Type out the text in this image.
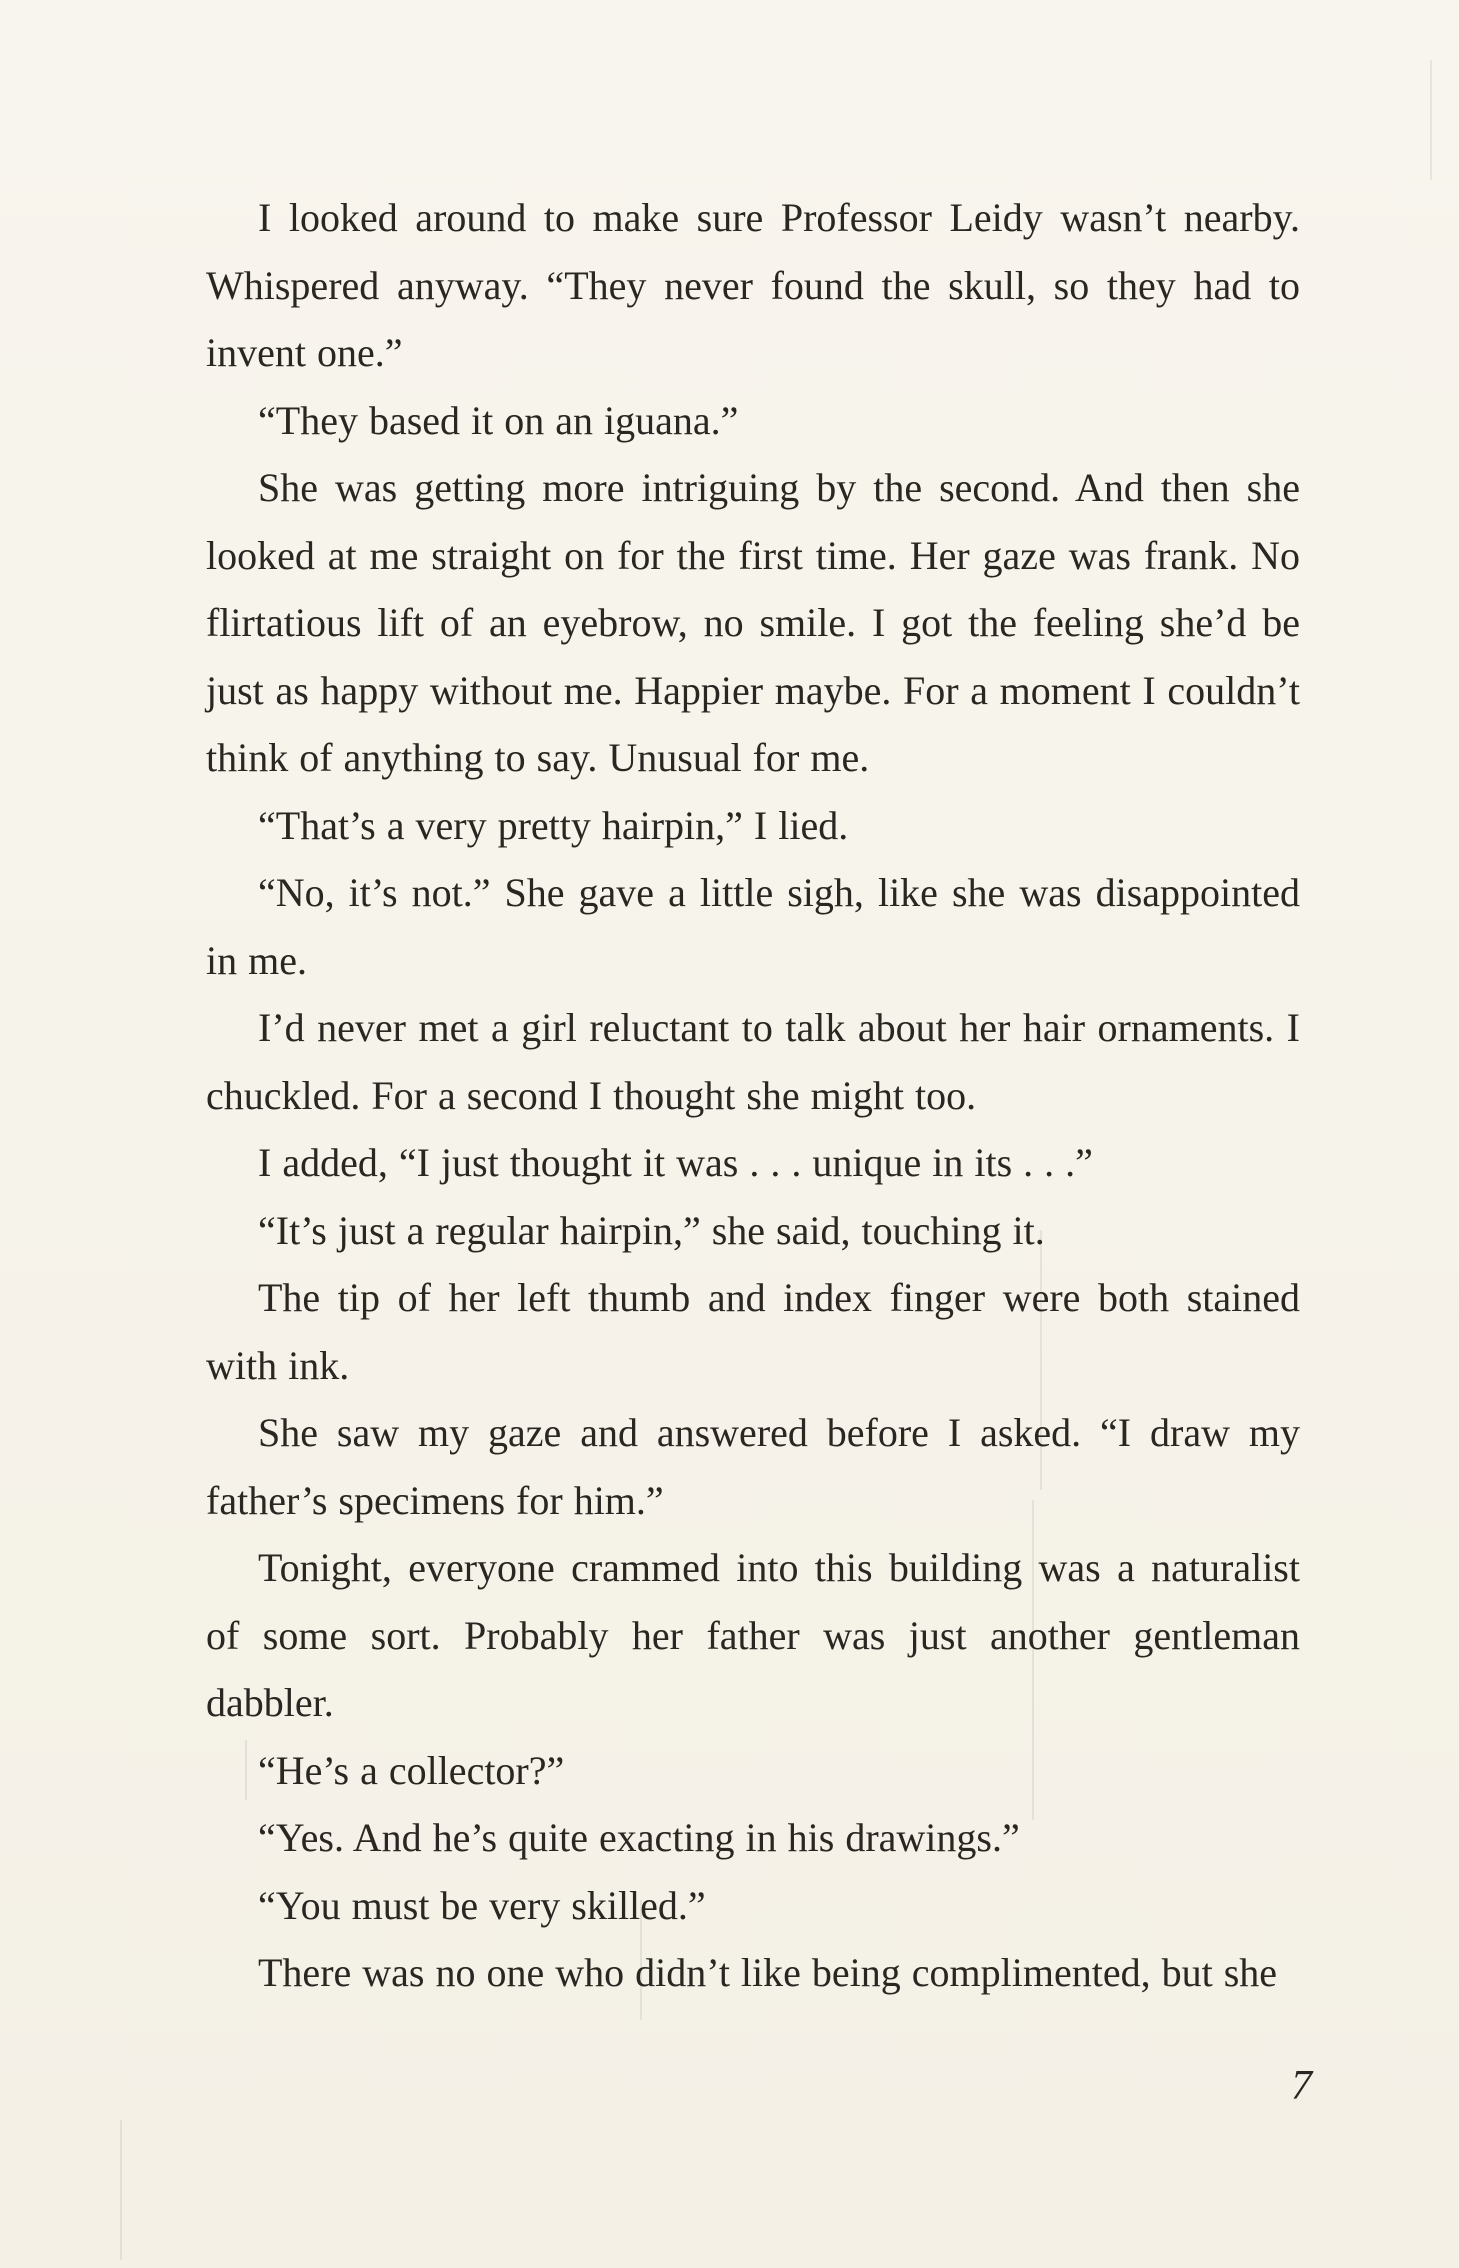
I looked around to make sure Professor Leidy wasn’t nearby. Whispered anyway. “They never found the skull, so they had to invent one.”

“They based it on an iguana.”

She was getting more intriguing by the second. And then she looked at me straight on for the first time. Her gaze was frank. No flirtatious lift of an eyebrow, no smile. I got the feeling she’d be just as happy without me. Happier maybe. For a moment I couldn’t think of anything to say. Unusual for me.

“That’s a very pretty hairpin,” I lied.

“No, it’s not.” She gave a little sigh, like she was disappointed in me.

I’d never met a girl reluctant to talk about her hair ornaments. I chuckled. For a second I thought she might too.

I added, “I just thought it was . . . unique in its . . .”

“It’s just a regular hairpin,” she said, touching it.

The tip of her left thumb and index finger were both stained with ink.

She saw my gaze and answered before I asked. “I draw my father’s specimens for him.”

Tonight, everyone crammed into this building was a naturalist of some sort. Probably her father was just another gentleman dabbler.

“He’s a collector?”

“Yes. And he’s quite exacting in his drawings.”

“You must be very skilled.”

There was no one who didn’t like being complimented, but she

7
